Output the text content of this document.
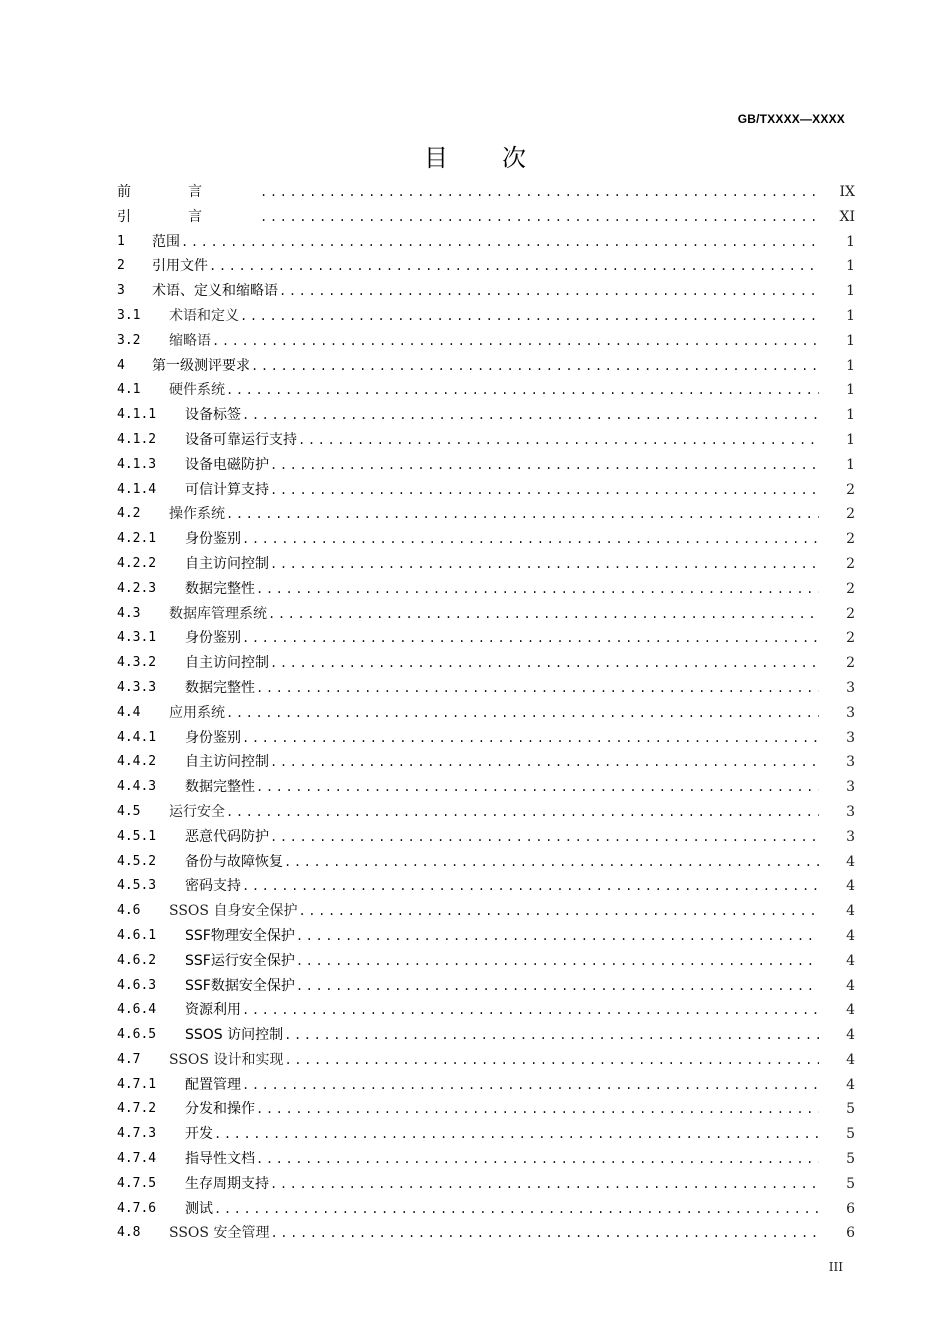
GB/TXXXX—XXXX
目次
前言 .....	IX
引言 .....	XI
1	范围 .....	1
2	引用文件 .....	1
3	术语、定义和缩略语 .....	1
3.1	术语和定义 .....	1
3.2	缩略语 .....	1
4	第一级测评要求 .....	1
4.1	硬件系统 .....	1
4.1.1	设备标签 .....	1
4.1.2	设备可靠运行支持 .....	1
4.1.3	设备电磁防护 .....	1
4.1.4	可信计算支持 .....	2
4.2	操作系统 .....	2
4.2.1	身份鉴别 .....	2
4.2.2	自主访问控制 .....	2
4.2.3	数据完整性 .....	2
4.3	数据库管理系统 .....	2
4.3.1	身份鉴别 .....	2
4.3.2	自主访问控制 .....	2
4.3.3	数据完整性 .....	3
4.4	应用系统 .....	3
4.4.1	身份鉴别 .....	3
4.4.2	自主访问控制 .....	3
4.4.3	数据完整性 .....	3
4.5	运行安全 .....	3
4.5.1	恶意代码防护 .....	3
4.5.2	备份与故障恢复 .....	4
4.5.3	密码支持 .....	4
4.6	SSOS 自身安全保护 .....	4
4.6.1	SSF物理安全保护 .....	4
4.6.2	SSF运行安全保护 .....	4
4.6.3	SSF数据安全保护 .....	4
4.6.4	资源利用 .....	4
4.6.5	SSOS 访问控制 .....	4
4.7	SSOS 设计和实现 .....	4
4.7.1	配置管理 .....	4
4.7.2	分发和操作 .....	5
4.7.3	开发 .....	5
4.7.4	指导性文档 .....	5
4.7.5	生存周期支持 .....	5
4.7.6	测试 .....	6
4.8	SSOS 安全管理 .....	6
III
